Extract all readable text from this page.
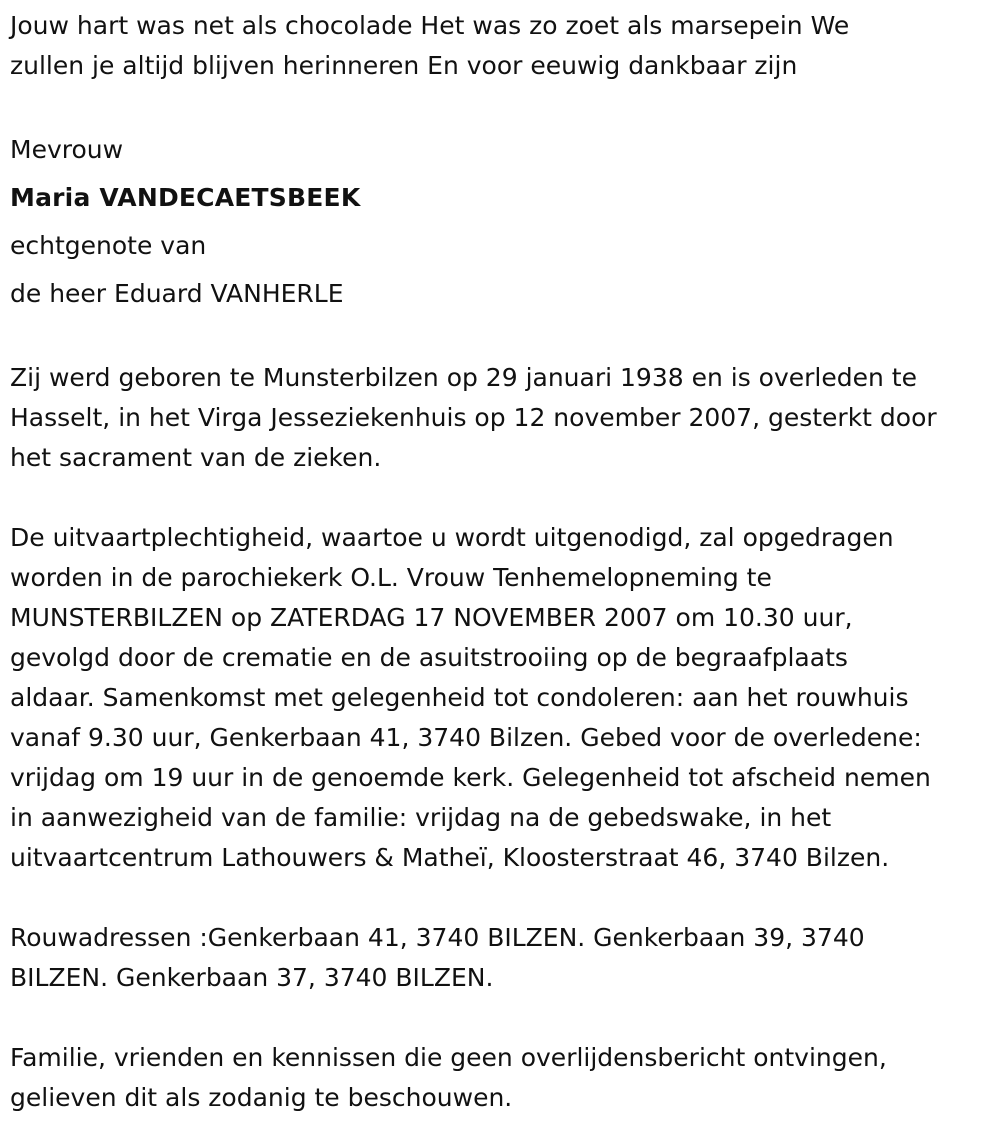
Jouw hart was net als chocolade Het was zo zoet als marsepein We
zullen je altijd blijven herinneren En voor eeuwig dankbaar zijn
Mevrouw
Maria VANDECAETSBEEK
echtgenote van
de heer Eduard VANHERLE
Zij werd geboren te Munsterbilzen op 29 januari 1938 en is overleden te
Hasselt, in het Virga Jesseziekenhuis op 12 november 2007, gesterkt door
het sacrament van de zieken.
De uitvaartplechtigheid, waartoe u wordt uitgenodigd, zal opgedragen
worden in de parochiekerk O.L. Vrouw Tenhemelopneming te
MUNSTERBILZEN op ZATERDAG 17 NOVEMBER 2007 om 10.30 uur,
gevolgd door de crematie en de asuitstrooiing op de begraafplaats
aldaar. Samenkomst met gelegenheid tot condoleren: aan het rouwhuis
vanaf 9.30 uur, Genkerbaan 41, 3740 Bilzen. Gebed voor de overledene:
vrijdag om 19 uur in de genoemde kerk. Gelegenheid tot afscheid nemen
in aanwezigheid van de familie: vrijdag na de gebedswake, in het
uitvaartcentrum Lathouwers & Matheï, Kloosterstraat 46, 3740 Bilzen.
Rouwadressen :Genkerbaan 41, 3740 BILZEN. Genkerbaan 39, 3740
BILZEN. Genkerbaan 37, 3740 BILZEN.
Familie, vrienden en kennissen die geen overlijdensbericht ontvingen,
gelieven dit als zodanig te beschouwen.
